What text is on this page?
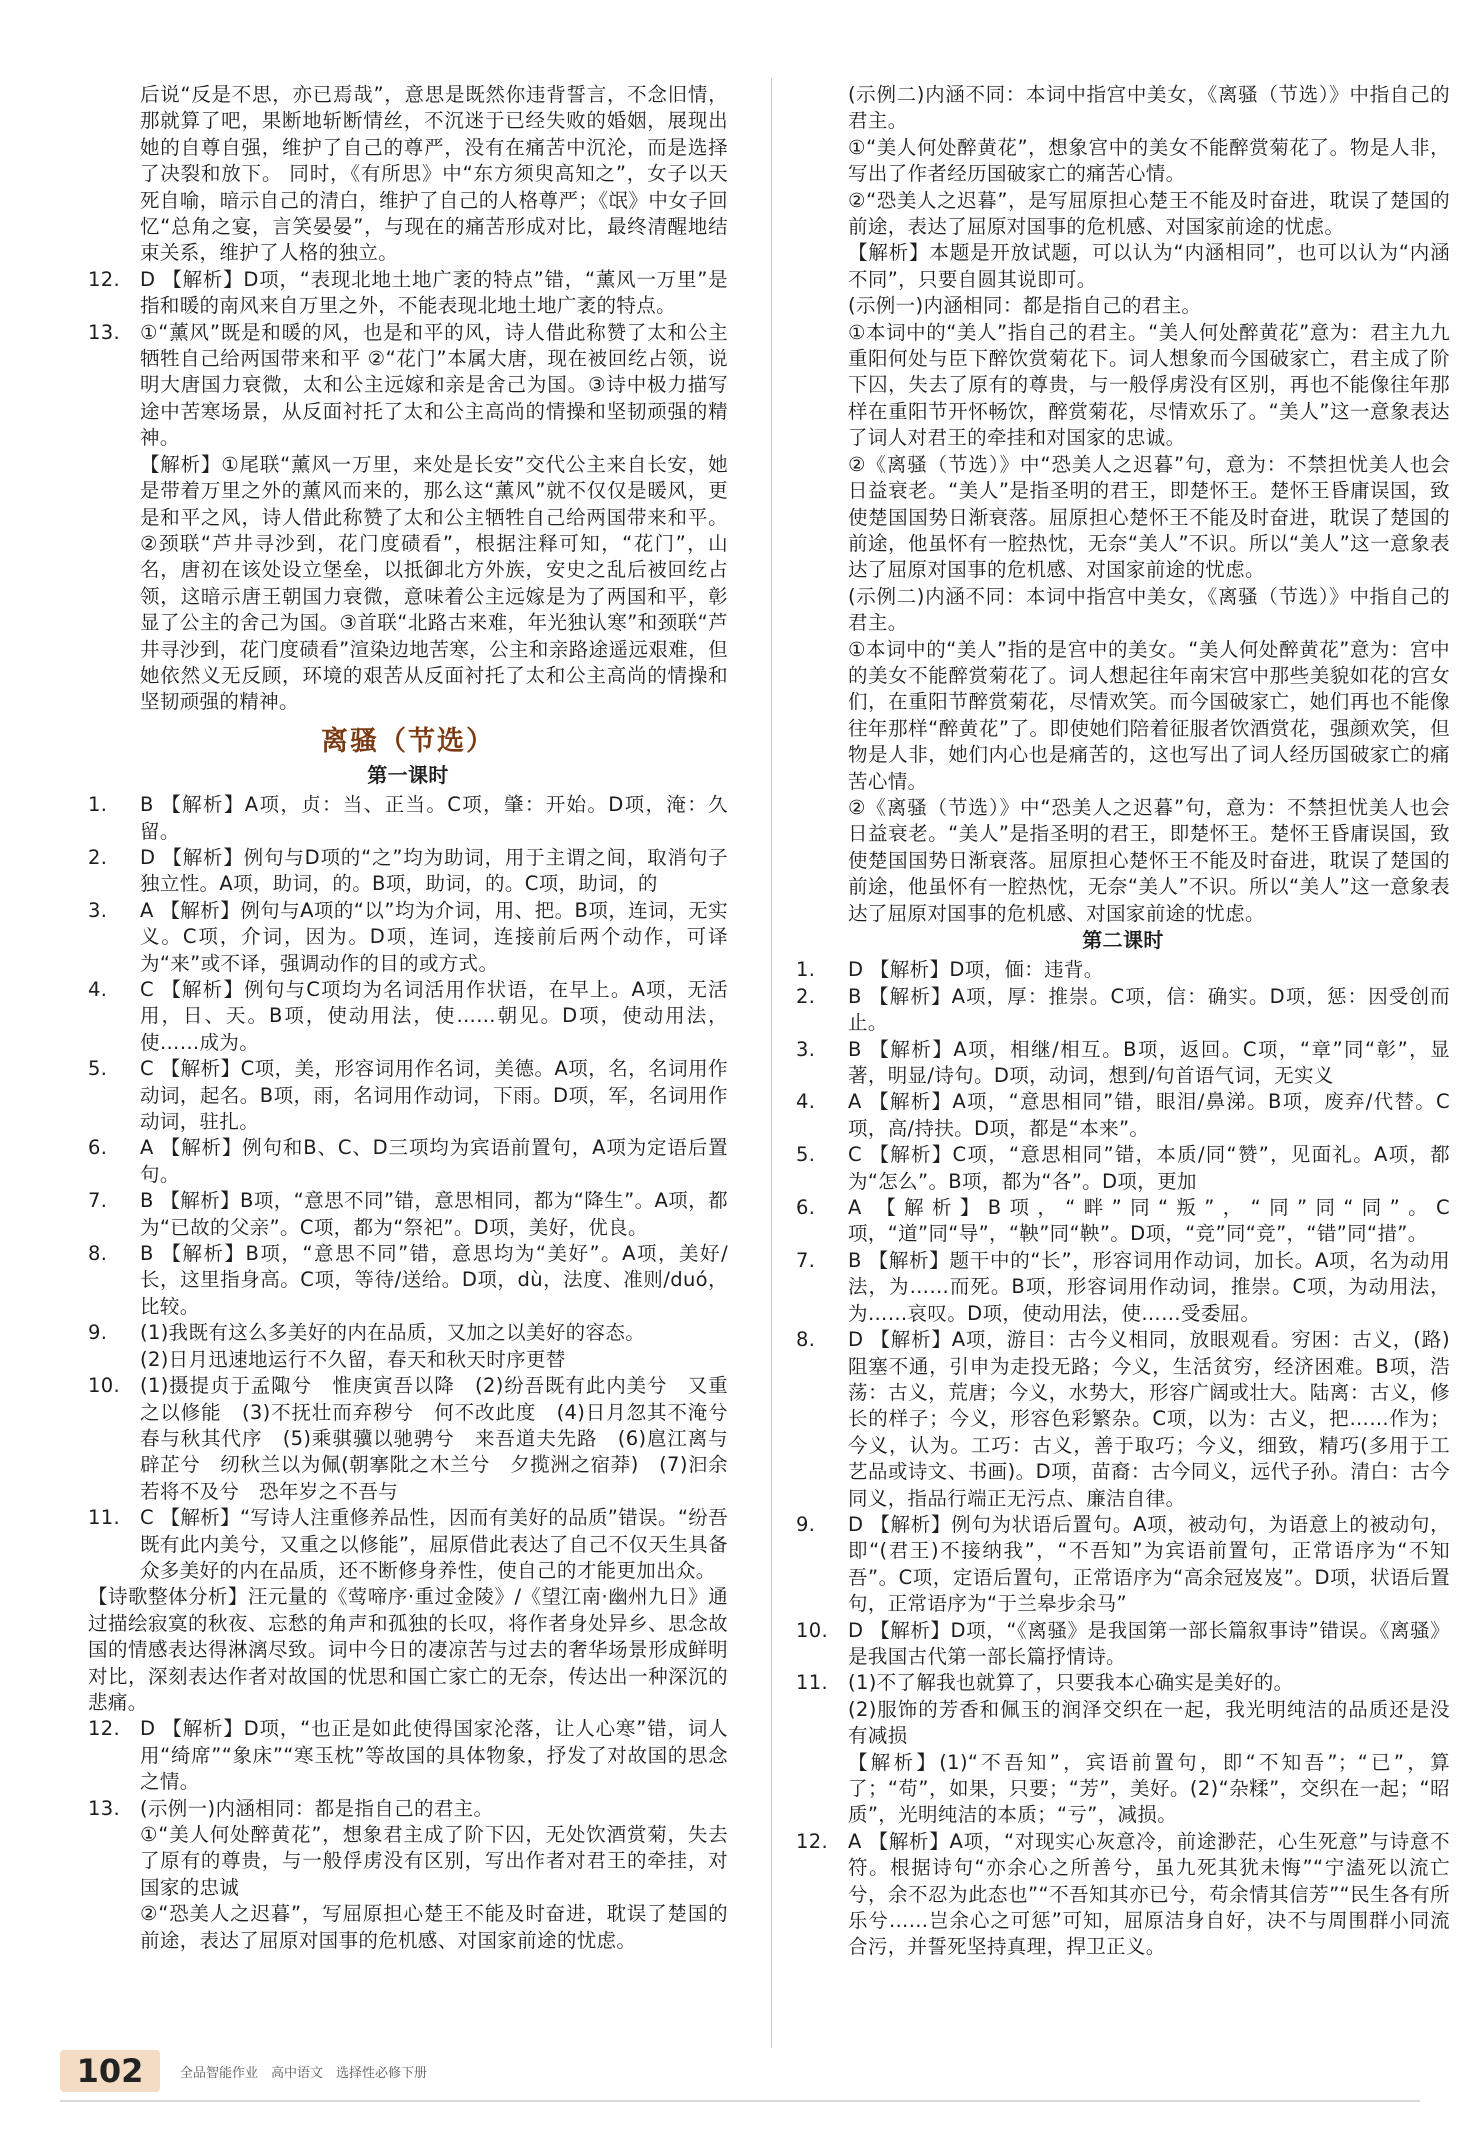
后说“反是不思，亦已焉哉”，意思是既然你违背誓言，不念旧情，那就算了吧，果断地斩断情丝，不沉迷于已经失败的婚姻，展现出她的自尊自强，维护了自己的尊严，没有在痛苦中沉沦，而是选择了决裂和放下。 同时，《有所思》中“东方须臾高知之”，女子以天死自喻，暗示自己的清白，维护了自己的人格尊严；《氓》中女子回忆“总角之宴，言笑晏晏”，与现在的痛苦形成对比，最终清醒地结束关系，维护了人格的独立。

12. D 【解析】D项，“表现北地土地广袤的特点”错，“薰风一万里”是指和暖的南风来自万里之外，不能表现北地土地广袤的特点。
13. ①“薰风”既是和暖的风，也是和平的风，诗人借此称赞了太和公主牺牲自己给两国带来和平 ②“花门”本属大唐，现在被回纥占领，说明大唐国力衰微，太和公主远嫁和亲是舍己为国。③诗中极力描写途中苦寒场景，从反面衬托了太和公主高尚的情操和坚韧顽强的精神。
【解析】①尾联“薰风一万里，来处是长安”交代公主来自长安，她是带着万里之外的薰风而来的，那么这“薰风”就不仅仅是暖风，更是和平之风，诗人借此称赞了太和公主牺牲自己给两国带来和平。②颈联“芦井寻沙到，花门度碛看”，根据注释可知，“花门”，山名，唐初在该处设立堡垒，以抵御北方外族，安史之乱后被回纥占领，这暗示唐王朝国力衰微，意味着公主远嫁是为了两国和平，彰显了公主的舍己为国。③首联“北路古来难，年光独认寒”和颈联“芦井寻沙到，花门度碛看”渲染边地苦寒，公主和亲路途遥远艰难，但她依然义无反顾，环境的艰苦从反面衬托了太和公主高尚的情操和坚韧顽强的精神。
离骚（节选）
第一课时
1. B 【解析】A项，贞：当、正当。C项，肇：开始。D项，淹：久留。
2. D 【解析】例句与D项的“之”均为助词，用于主谓之间，取消句子独立性。A项，助词，的。B项，助词，的。C项，助词，的
3. A 【解析】例句与A项的“以”均为介词，用、把。B项，连词，无实义。C项，介词，因为。D项，连词，连接前后两个动作，可译为“来”或不译，强调动作的目的或方式。
4. C 【解析】例句与C项均为名词活用作状语，在早上。A项，无活用，日、天。B项，使动用法，使……朝见。D项，使动用法，使……成为。
5. C 【解析】C项，美，形容词用作名词，美德。A项，名，名词用作动词，起名。B项，雨，名词用作动词，下雨。D项，军，名词用作动词，驻扎。
6. A 【解析】例句和B、C、D三项均为宾语前置句，A项为定语后置句。
7. B 【解析】B项，“意思不同”错，意思相同，都为“降生”。A项，都为“已故的父亲”。C项，都为“祭祀”。D项，美好，优良。
8. B 【解析】B项，“意思不同”错，意思均为“美好”。A项，美好/长，这里指身高。C项，等待/送给。D项，dù，法度、准则/duó，比较。
9. (1)我既有这么多美好的内在品质，又加之以美好的容态。
(2)日月迅速地运行不久留，春天和秋天时序更替
10. (1)摄提贞于孟陬兮　惟庚寅吾以降　(2)纷吾既有此内美兮　又重之以修能　(3)不抚壮而弃秽兮　何不改此度　(4)日月忽其不淹兮　春与秋其代序　(5)乘骐骥以驰骋兮　来吾道夫先路　(6)扈江离与辟芷兮　纫秋兰以为佩(朝搴阰之木兰兮　夕揽洲之宿莽)　(7)汩余若将不及兮　恐年岁之不吾与
11. C 【解析】“写诗人注重修养品性，因而有美好的品质”错误。“纷吾既有此内美兮，又重之以修能”，屈原借此表达了自己不仅天生具备众多美好的内在品质，还不断修身养性，使自己的才能更加出众。

【诗歌整体分析】汪元量的《莺啼序·重过金陵》/《望江南·幽州九日》通过描绘寂寞的秋夜、忘愁的角声和孤独的长叹，将作者身处异乡、思念故国的情感表达得淋漓尽致。词中今日的凄凉苦与过去的奢华场景形成鲜明对比，深刻表达作者对故国的忧思和国亡家亡的无奈，传达出一种深沉的悲痛。

12. D 【解析】D项，“也正是如此使得国家沦落，让人心寒”错，词人用“绮席”“象床”“寒玉枕”等故国的具体物象，抒发了对故国的思念之情。
13. (示例一)内涵相同：都是指自己的君主。
①“美人何处醉黄花”，想象君主成了阶下囚，无处饮酒赏菊，失去了原有的尊贵，与一般俘虏没有区别，写出作者对君王的牵挂，对国家的忠诚
②“恐美人之迟暮”，写屈原担心楚王不能及时奋进，耽误了楚国的前途，表达了屈原对国事的危机感、对国家前途的忧虑。
(示例二)内涵不同：本词中指宫中美女，《离骚（节选）》中指自己的君主。
①“美人何处醉黄花”，想象宫中的美女不能醉赏菊花了。物是人非，写出了作者经历国破家亡的痛苦心情。
②“恐美人之迟暮”，是写屈原担心楚王不能及时奋进，耽误了楚国的前途，表达了屈原对国事的危机感、对国家前途的忧虑。
【解析】本题是开放试题，可以认为“内涵相同”，也可以认为“内涵不同”，只要自圆其说即可。
(示例一)内涵相同：都是指自己的君主。
①本词中的“美人”指自己的君主。“美人何处醉黄花”意为：君主九九重阳何处与臣下醉饮赏菊花下。词人想象而今国破家亡，君主成了阶下囚，失去了原有的尊贵，与一般俘虏没有区别，再也不能像往年那样在重阳节开怀畅饮，醉赏菊花，尽情欢乐了。“美人”这一意象表达了词人对君王的牵挂和对国家的忠诚。
②《离骚（节选）》中“恐美人之迟暮”句，意为：不禁担忧美人也会日益衰老。“美人”是指圣明的君王，即楚怀王。楚怀王昏庸误国，致使楚国国势日渐衰落。屈原担心楚怀王不能及时奋进，耽误了楚国的前途，他虽怀有一腔热忱，无奈“美人”不识。所以“美人”这一意象表达了屈原对国事的危机感、对国家前途的忧虑。
(示例二)内涵不同：本词中指宫中美女，《离骚（节选）》中指自己的君主。
①本词中的“美人”指的是宫中的美女。“美人何处醉黄花”意为：宫中的美女不能醉赏菊花了。词人想起往年南宋宫中那些美貌如花的宫女们，在重阳节醉赏菊花，尽情欢笑。而今国破家亡，她们再也不能像往年那样“醉黄花”了。即使她们陪着征服者饮酒赏花，强颜欢笑，但物是人非，她们内心也是痛苦的，这也写出了词人经历国破家亡的痛苦心情。
②《离骚（节选）》中“恐美人之迟暮”句，意为：不禁担忧美人也会日益衰老。“美人”是指圣明的君王，即楚怀王。楚怀王昏庸误国，致使楚国国势日渐衰落。屈原担心楚怀王不能及时奋进，耽误了楚国的前途，他虽怀有一腔热忱，无奈“美人”不识。所以“美人”这一意象表达了屈原对国事的危机感、对国家前途的忧虑。
第二课时
1. D 【解析】D项，偭：违背。
2. B 【解析】A项，厚：推崇。C项，信：确实。D项，惩：因受创而止。
3. B 【解析】A项，相继/相互。B项，返回。C项，“章”同“彰”，显著，明显/诗句。D项，动词，想到/句首语气词，无实义
4. A 【解析】A项，“意思相同”错，眼泪/鼻涕。B项，废弃/代替。C项，高/持扶。D项，都是“本来”。
5. C 【解析】C项，“意思相同”错，本质/同“赞”，见面礼。A项，都为“怎么”。B项，都为“各”。D项，更加
6. A 【解析】B项，“畔”同“叛”，“同”同“同”。C项，“道”同“导”，“鞅”同“鞅”。D项，“竞”同“竞”，“错”同“措”。
7. B 【解析】题干中的“长”，形容词用作动词，加长。A项，名为动用法，为……而死。B项，形容词用作动词，推崇。C项，为动用法，为……哀叹。D项，使动用法，使……受委屈。
8. D 【解析】A项，游目：古今义相同，放眼观看。穷困：古义，(路)阻塞不通，引申为走投无路；今义，生活贫穷，经济困难。B项，浩荡：古义，荒唐；今义，水势大，形容广阔或壮大。陆离：古义，修长的样子；今义，形容色彩繁杂。C项，以为：古义，把……作为；今义，认为。工巧：古义，善于取巧；今义，细致，精巧(多用于工艺品或诗文、书画)。D项，苗裔：古今同义，远代子孙。清白：古今同义，指品行端正无污点、廉洁自律。
9. D 【解析】例句为状语后置句。A项，被动句，为语意上的被动句，即“(君王)不接纳我”，“不吾知”为宾语前置句，正常语序为“不知吾”。C项，定语后置句，正常语序为“高余冠岌岌”。D项，状语后置句，正常语序为“于兰皋步余马”
10. D 【解析】D项，“《离骚》是我国第一部长篇叙事诗”错误。《离骚》是我国古代第一部长篇抒情诗。
11. (1)不了解我也就算了，只要我本心确实是美好的。
(2)服饰的芳香和佩玉的润泽交织在一起，我光明纯洁的品质还是没有减损
【解析】(1)“不吾知”，宾语前置句，即“不知吾”；“已”，算了；“苟”，如果，只要；“芳”，美好。(2)“杂糅”，交织在一起；“昭质”，光明纯洁的本质；“亏”，减损。
12. A 【解析】A项，“对现实心灰意冷，前途渺茫，心生死意”与诗意不符。根据诗句“亦余心之所善兮，虽九死其犹未悔”“宁溘死以流亡兮，余不忍为此态也”“不吾知其亦已兮，苟余情其信芳”“民生各有所乐兮……岂余心之可惩”可知，屈原洁身自好，决不与周围群小同流合污，并誓死坚持真理，捍卫正义。
102	全品智能作业　高中语文　选择性必修下册
